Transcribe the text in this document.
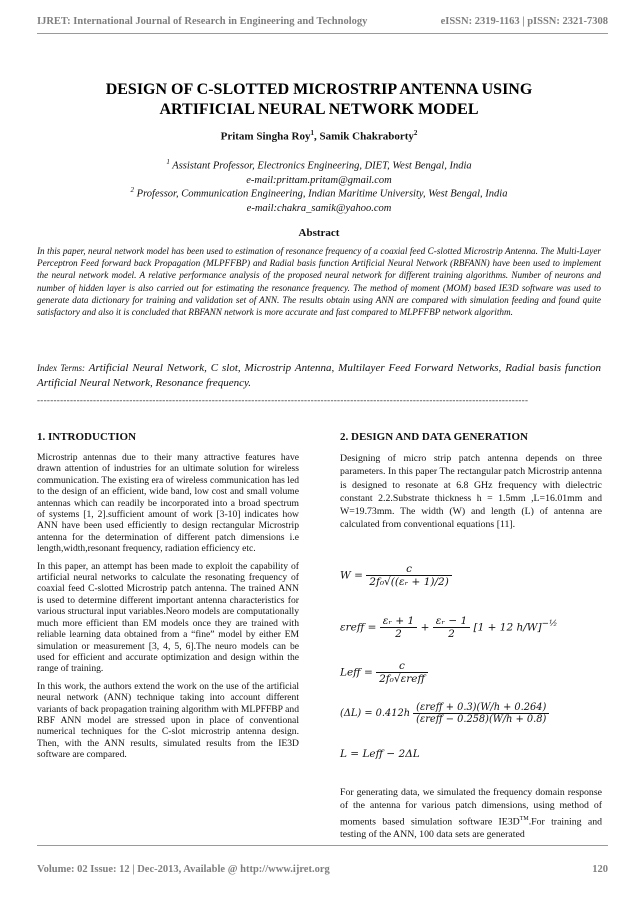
IJRET: International Journal of Research in Engineering and Technology	eISSN: 2319-1163 | pISSN: 2321-7308
DESIGN OF C-SLOTTED MICROSTRIP ANTENNA USING
ARTIFICIAL NEURAL NETWORK MODEL
Pritam Singha Roy$^1$, Samik Chakraborty$^2$
$^1$ Assistant Professor, Electronics Engineering, DIET, West Bengal, India
e-mail:prittam.pritam@gmail.com
$^2$ Professor, Communication Engineering, Indian Maritime University, West Bengal, India
e-mail:chakra_samik@yahoo.com
Abstract
In this paper, neural network model has been used to estimation of resonance frequency of a coaxial feed C-slotted Microstrip Antenna. The Multi-Layer Perceptron Feed forward back Propagation (MLPFFBP) and Radial basis function Artificial Neural Network (RBFANN) have been used to implement the neural network model. A relative performance analysis of the proposed neural network for different training algorithms. Number of neurons and number of hidden layer is also carried out for estimating the resonance frequency. The method of moment (MOM) based IE3D software was used to generate data dictionary for training and validation set of ANN. The results obtain using ANN are compared with simulation feeding and found quite satisfactory and also it is concluded that RBFANN network is more accurate and fast compared to MLPFFBP network algorithm.
Index Terms: Artificial Neural Network, C slot, Microstrip Antenna, Multilayer Feed Forward Networks, Radial basis function Artificial Neural Network, Resonance frequency.
-----------------------------------------------------------------------------------------------------------------------------------------------------
1. INTRODUCTION

Microstrip antennas due to their many attractive features have drawn attention of industries for an ultimate solution for wireless communication. The existing era of wireless communication has led to the design of an efficient, wide band, low cost and small volume antennas which can readily be incorporated into a broad spectrum of systems [1, 2].sufficient amount of work [3-10] indicates how ANN have been used efficiently to design rectangular Microstrip antenna for the determination of different patch dimensions i.e length,width,resonant frequency, radiation efficiency etc.

In this paper, an attempt has been made to exploit the capability of artificial neural networks to calculate the resonating frequency of coaxial feed C-slotted Microstrip patch antenna. The trained ANN is used to determine different important antenna characteristics for various structural input variables.Neoro models are computationally much more efficient than EM models once they are trained with reliable learning data obtained from a “fine” model by either EM simulation or measurement [3, 4, 5, 6].The neuro models can be used for efficient and accurate optimization and design within the range of training.

In this work, the authors extend the work on the use of the artificial neural network (ANN) technique taking into account different variants of back propagation training algorithm with MLPFFBP and RBF ANN model are stressed upon in place of conventional numerical techniques for the C-slot microstrip antenna design. Then, with the ANN results, simulated results from the IE3D software are compared.

2. DESIGN AND DATA GENERATION
Designing of micro strip patch antenna depends on three parameters. In this paper The rectangular patch Microstrip antenna is designed to resonate at 6.8 GHz frequency with dielectric constant 2.2.Substrate thickness h = 1.5mm ,L=16.01mm and W=19.73mm. The width (W) and length (L) of antenna are calculated from conventional equations [11].
$W = \frac{c}{\text{2f₀√((εᵣ + 1)/2)}}$
εreff = $\frac{\text{εᵣ + 1}}{2} + \frac{\text{εᵣ − 1}}{2} [1 + 12$ h/W]$^{-\frac{1}{2}}$
Leff = $\frac{c}{\text{2f₀√εreff}}$
$(\Delta L) = 0.412h \frac{\text{(εreff + 0.3)(W/h + 0.264)}}{\text{(εreff − 0.258)(W/h + 0.8)}}$
L = Leff − 2ΔL
For generating data, we simulated the frequency domain response of the antenna for various patch dimensions, using method of moments based simulation software IE3D™.For training and testing of the ANN, 100 data sets are generated
Volume: 02 Issue: 12 | Dec-2013, Available @ http://www.ijret.org	120
